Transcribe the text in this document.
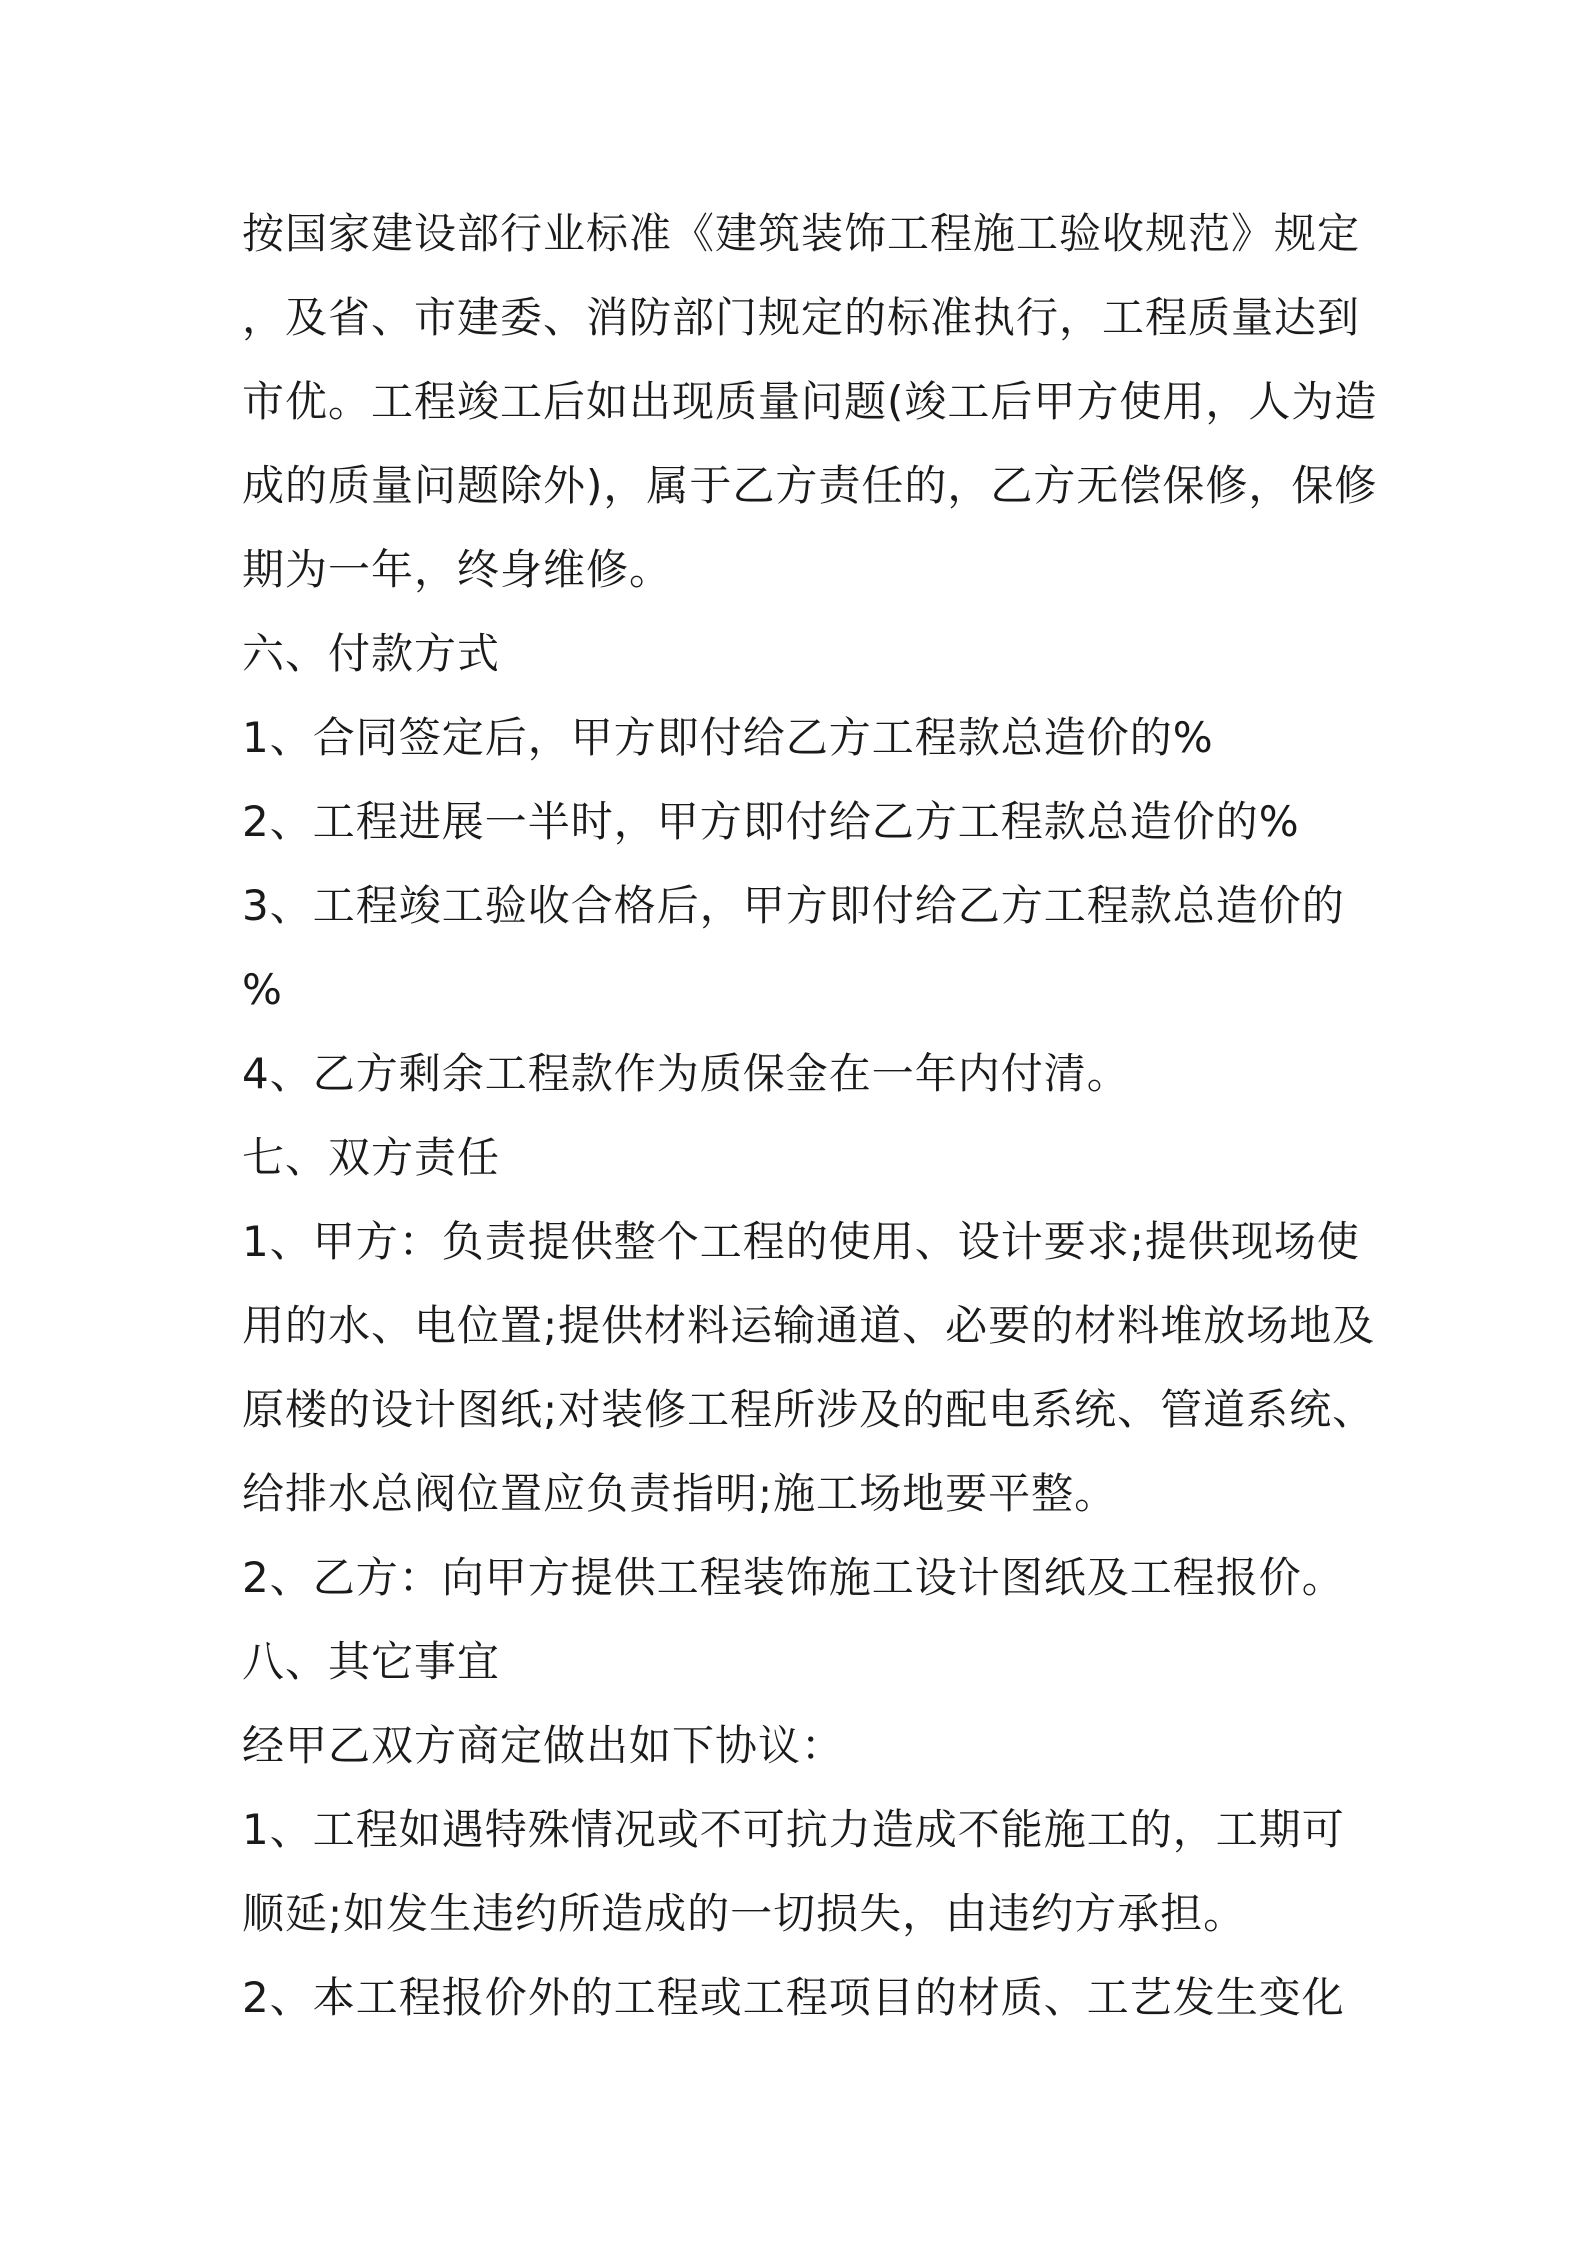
按国家建设部行业标准《建筑装饰工程施工验收规范》规定
，及省、市建委、消防部门规定的标准执行，工程质量达到
市优。工程竣工后如出现质量问题(竣工后甲方使用，人为造
成的质量问题除外)，属于乙方责任的，乙方无偿保修，保修
期为一年，终身维修。
六、付款方式
1、合同签定后，甲方即付给乙方工程款总造价的%
2、工程进展一半时，甲方即付给乙方工程款总造价的%
3、工程竣工验收合格后，甲方即付给乙方工程款总造价的
%
4、乙方剩余工程款作为质保金在一年内付清。
七、双方责任
1、甲方：负责提供整个工程的使用、设计要求;提供现场使
用的水、电位置;提供材料运输通道、必要的材料堆放场地及
原楼的设计图纸;对装修工程所涉及的配电系统、管道系统、
给排水总阀位置应负责指明;施工场地要平整。
2、乙方：向甲方提供工程装饰施工设计图纸及工程报价。
八、其它事宜
经甲乙双方商定做出如下协议：
1、工程如遇特殊情况或不可抗力造成不能施工的，工期可
顺延;如发生违约所造成的一切损失，由违约方承担。
2、本工程报价外的工程或工程项目的材质、工艺发生变化
